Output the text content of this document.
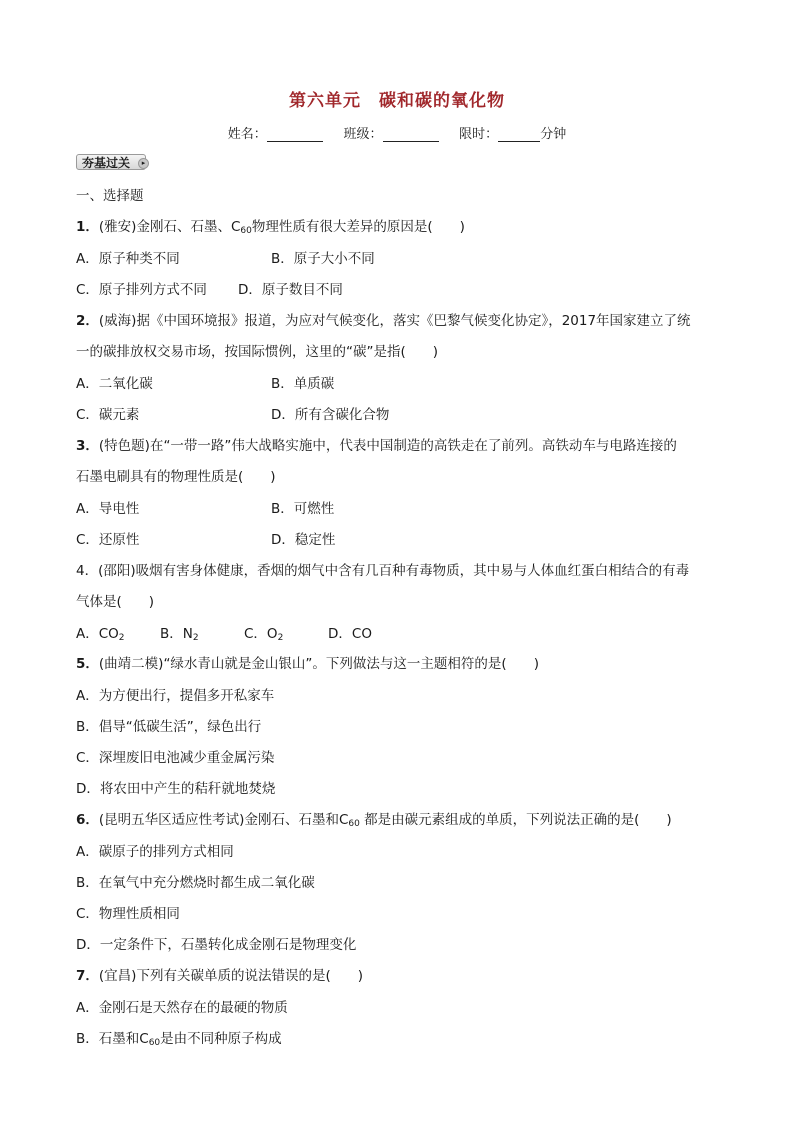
第六单元　碳和碳的氧化物
姓名：	班级：	限时：	分钟
夯基过关	▸
一、选择题
1．(雅安)金刚石、石墨、$C_{60}$物理性质有很大差异的原因是(　　)
A．原子种类不同	B．原子大小不同
C．原子排列方式不同 D．原子数目不同
2．(威海)据《中国环境报》报道，为应对气候变化，落实《巴黎气候变化协定》，2017年国家建立了统
一的碳排放权交易市场，按国际惯例，这里的“碳”是指(　　)
A．二氧化碳	B．单质碳
C．碳元素	D．所有含碳化合物
3．(特色题)在“一带一路”伟大战略实施中，代表中国制造的高铁走在了前列。高铁动车与电路连接的
石墨电刷具有的物理性质是(　　)
A．导电性	B．可燃性
C．还原性	D．稳定性
4．(邵阳)吸烟有害身体健康，香烟的烟气中含有几百种有毒物质，其中易与人体血红蛋白相结合的有毒
气体是(　　)
A．$CO_2$	B．$N_2$	C．$O_2$	D．CO
5．(曲靖二模)“绿水青山就是金山银山”。下列做法与这一主题相符的是(　　)
A．为方便出行，提倡多开私家车
B．倡导“低碳生活”，绿色出行
C．深埋废旧电池减少重金属污染
D．将农田中产生的秸秆就地焚烧
6．(昆明五华区适应性考试)金刚石、石墨和$C_{60}$ 都是由碳元素组成的单质，下列说法正确的是(　　)
A．碳原子的排列方式相同
B．在氧气中充分燃烧时都生成二氧化碳
C．物理性质相同
D．一定条件下，石墨转化成金刚石是物理变化
7．(宜昌)下列有关碳单质的说法错误的是(　　)
A．金刚石是天然存在的最硬的物质
B．石墨和$C_{60}$是由不同种原子构成
